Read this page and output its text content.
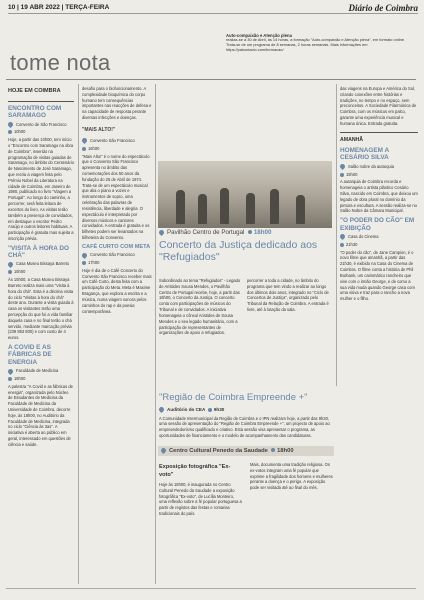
10 | 19 ABR 2022 | TERÇA-FEIRA	Diário de Coimbra
tome nota
Auto-compaixão e Atenção plena
realiza-se a 30 de Abril, às 14 horas, a formação "Auto-compaixão e Atenção plena", em formato online. Trata-se de um programa de 8 semanas, 2 horas semanais. Mais informações em https://pakontacto.com/formacao/
HOJE EM COIMBRA
ENCONTRO COM SARAMAGO
Convento de São Francisco
10h00

Hoje, a partir das 10h00, tem início o "Encontro com Saramago na obra de Coimbra", inserido na programação de visitas guiadas de Saramago, no âmbito do Centenário de Nascimento de José Saramago, que recria a viagem feita pelo Prémio Nobel da Literatura na cidade de Coimbra, em Janeiro de 1980, publicado no livro "Viagem a Portugal". Ao longo do caminho, a percorrer, será feita leitura de excertos do livro. As visitas terão também a presença de convidados, em destaque o escritor Pedro Araújo e outros leitores habituais. A participação é gratuita mas sujeita a inscrição prévia.

"VISITA À HORA DO CHÁ"
Casa Museu Bissaya Barreto
15h00

Às 15h00, a Casa Museu Bissaya Barreto realiza mais uma "Visita à hora do chá". Esta é a décima visita do ciclo "Visitas à hora do chá" deste ano. Durante a visita guiada à casa os visitantes terão uma percepção do que foi a vida familiar daquela casa e no final terão o chá servido, mediante marcação prévia (239 853 800) e com custo de 4 euros.

A COVID E AS FÁBRICAS DE ENERGIA
Faculdade de Medicina
18h00

A palestra "A Covid e as fábricas de energia", organizada pelo Núcleo de Estudantes de Medicina da Faculdade de Medicina da Universidade de Coimbra, decorre hoje, às 18h00, no Auditório da Faculdade de Medicina, integrada no ciclo "Ciência às 3as". A iniciativa é aberta ao público em geral, interessado em questões de ciência e saúde.

desafio para o biofuncionamento. A complexidade bioquímica do corpo humano tem consequências importantes nas reacções de defesa e na capacidade de resposta perante diversas infecções e doenças.

"MAIS ALTO!"
Convento São Francisco
16h00

"Mais Alto!" é o nome do espectáculo que o Convento São Francisco apresenta no âmbito das comemorações dos 50 anos da fundação do 25 de Abril de 1974. Trata-se de um espectáculo musical que alia o piano a vozes e instrumentos de sopro, uma celebração das palavras de resistência, liberdade e alegria. O espectáculo é interpretado por diversos músicos e cantores convidados. A entrada é gratuita e os bilhetes podem ser levantados na bilheteira do Convento.

CAFÉ CURTO COM META
Convento São Francisco
17h00

Hoje é dia de o Café Concerto do Convento São Francisco receber mais um Café Curto, desta feita com a participação do Meta. Meta é Maxime Bragança, que explora a escrita e a música, numa viagem sonora pelos caminhos do rap e da poesia contemporânea.

Pavilhão Centro de Portugal 18h00
Concerto da Justiça dedicado aos "Refugiados"

Subordinado ao tema "Refugiados" - Legado de Aristides Sousa Mendes, o Pavilhão Centro de Portugal recebe, hoje, a partir das 18h00, o Concerto da Justiça. O concerto conta com participações de músicos do Tribunal e de convidados. A iniciativa homenageia o cônsul Aristides de Sousa Mendes e o seu legado humanitário, com a participação de representantes de organizações de apoio a refugiados.

percorrer a toda a cidade, no âmbito do programa que tem vindo a realizar ao longo dos últimos dois anos, integrado no "Ciclo de Concertos de Justiça", organizado pelo Tribunal da Relação de Coimbra. A entrada é livre, até à lotação da sala.

das viagens na Europa e América do Sul, criando conexões entre histórias e tradições, no tempo e no espaço, sem preconceitos. A Sociedade Filarmónica de Coimbra, com os músicos em palco, garante uma experiência musical e humana única. Entrada gratuita.

AMANHÃ
HOMENAGEM A CESÁRIO SILVA
Salão nobre da autarquia
15h00

A autarquia de Coimbra recorda e homenageia o artista plástico Cesário Silva, nascido em Coimbra, que deixou um legado de obra plural no domínio da pintura e escultura. A sessão realiza-se no Salão Nobre da Câmara Municipal.

"O PODER DO CÃO" EM EXIBIÇÃO
Casa do Cinema
21h30

"O poder do cão", de Jane Campion, é o novo filme que amanhã, a partir das 21h30, é exibido na Casa do Cinema de Coimbra. O filme conta a história de Phil Burbank, um carismático rancheiro que vive com o irmão George, e de como a sua vida muda quando George casa com uma viúva e traz para o rancho a nova mulher e o filho.

"Região de Coimbra Empreende +"
Auditório do CEA 9h30

A Comunidade Intermunicipal da Região de Coimbra e o IPN realizam hoje, a partir das 9h30, uma sessão de apresentação do "Região de Coimbra Empreende +", um projecto de apoio ao empreendedorismo qualificado e criativo. Esta sessão visa apresentar o programa, as oportunidades de financiamento e o modelo de acompanhamento das candidaturas.

Centro Cultural Penedo da Saudade 18h00
Exposição fotográfica "Ex-voto"

Hoje às 18h00, é inaugurada no Centro Cultural Penedo da Saudade a exposição fotográfica "Ex-voto", de Lucília Monteiro, uma reflexão sobre a fé popular portuguesa a partir de registos das festas e romarias tradicionais do país.

Mais, documenta uma tradição religiosa. Os ex-votos integram uma fé popular que exprime a fragilidade dos homens e mulheres perante a doença e o perigo. A exposição pode ser visitada até ao final do mês.
